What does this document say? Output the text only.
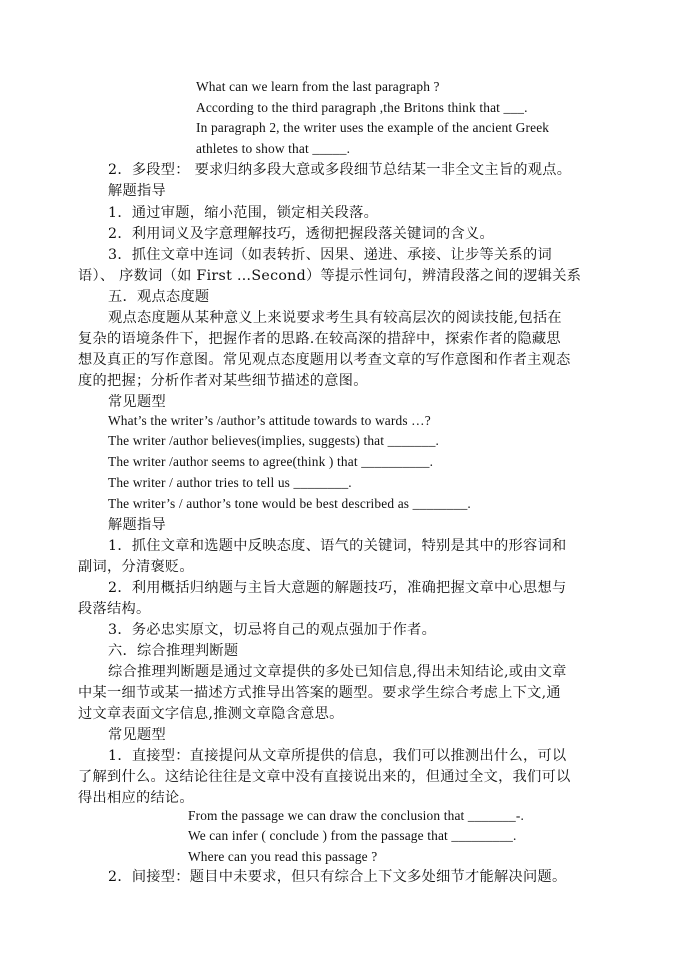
What can we learn from the last paragraph ?
According to the third paragraph ,the Britons think that ___.
In paragraph 2, the writer uses the example of the ancient Greek
athletes to show that _____.
2．多段型： 要求归纳多段大意或多段细节总结某一非全文主旨的观点。
解题指导
1．通过审题，缩小范围，锁定相关段落。
2．利用词义及字意理解技巧，透彻把握段落关键词的含义。
3．抓住文章中连词（如表转折、因果、递进、承接、让步等关系的词
语）、 序数词（如 First …Second）等提示性词句，辨清段落之间的逻辑关系
五．观点态度题
观点态度题从某种意义上来说要求考生具有较高层次的阅读技能,包括在
复杂的语境条件下，把握作者的思路.在较高深的措辞中，探索作者的隐藏思
想及真正的写作意图。常见观点态度题用以考查文章的写作意图和作者主观态
度的把握；分析作者对某些细节描述的意图。
常见题型
What’s the writer’s /author’s attitude towards to wards …?
The writer /author believes(implies, suggests) that _______.
The writer /author seems to agree(think ) that __________.
The writer / author tries to tell us ________.
The writer’s / author’s tone would be best described as ________.
解题指导
1．抓住文章和选题中反映态度、语气的关键词，特别是其中的形容词和
副词，分清褒贬。
2．利用概括归纳题与主旨大意题的解题技巧，准确把握文章中心思想与
段落结构。
3．务必忠实原文，切忌将自己的观点强加于作者。
六．综合推理判断题
综合推理判断题是通过文章提供的多处已知信息,得出未知结论,或由文章
中某一细节或某一描述方式推导出答案的题型。要求学生综合考虑上下文,通
过文章表面文字信息,推测文章隐含意思。
常见题型
1．直接型：直接提问从文章所提供的信息，我们可以推测出什么，可以
了解到什么。这结论往往是文章中没有直接说出来的，但通过全文，我们可以
得出相应的结论。
From the passage we can draw the conclusion that _______-.
We can infer ( conclude ) from the passage that _________.
Where can you read this passage ?
2．间接型：题目中未要求，但只有综合上下文多处细节才能解决问题。
